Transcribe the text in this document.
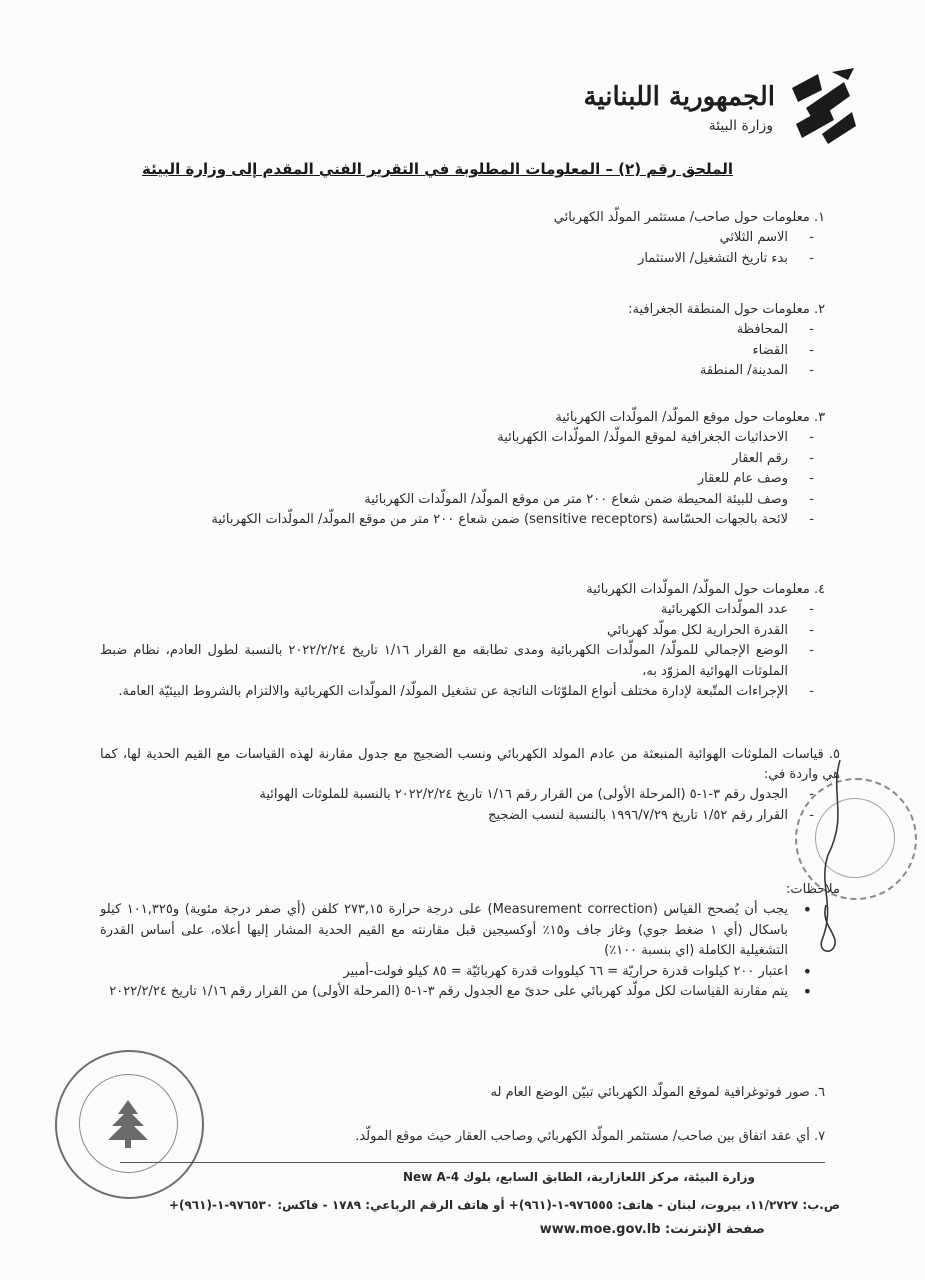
الجمهورية اللبنانية
وزارة البيئة
الملحق رقم (٢) – المعلومات المطلوبة في التقرير الفني المقدم إلى وزارة البيئة
١. معلومات حول صاحب/ مستثمر المولّد الكهربائي
- الاسم الثلاثي
- بدء تاريخ التشغيل/ الاستثمار
٢. معلومات حول المنطقة الجغرافية:
- المحافظة
- القضاء
- المدينة/ المنطقة
٣. معلومات حول موقع المولّد/ المولّدات الكهربائية
- الاحداثيات الجغرافية لموقع المولّد/ المولّدات الكهربائية
- رقم العقار
- وصف عام للعقار
- وصف للبيئة المحيطة ضمن شعاع ٢٠٠ متر من موقع المولّد/ المولّدات الكهربائية
- لائحة بالجهات الحسّاسة (sensitive receptors) ضمن شعاع ٢٠٠ متر من موقع المولّد/ المولّدات الكهربائية
٤. معلومات حول المولّد/ المولّدات الكهربائية
- عدد المولّدات الكهربائية
- القدرة الحرارية لكل مولّد كهربائي
- الوضع الإجمالي للمولّد/ المولّدات الكهربائية ومدى تطابقه مع القرار ١/١٦ تاريخ ٢٠٢٢/٢/٢٤ بالنسبة لطول العادم، نظام ضبط الملوثات الهوائية المزوّد به،
- الإجراءات المتّبعة لإدارة مختلف أنواع الملوّثات الناتجة عن تشغيل المولّد/ المولّدات الكهربائية والالتزام بالشروط البيئيّة العامة.
٥. قياسات الملوثات الهوائية المنبعثة من عادم المولد الكهربائي ونسب الضجيج مع جدول مقارنة لهذه القياسات مع القيم الحدية لها، كما هي واردة في:
- الجدول رقم ٣-١-٥ (المرحلة الأولى) من القرار رقم ١/١٦ تاريخ ٢٠٢٢/٢/٢٤ بالنسبة للملوثات الهوائية
- القرار رقم ١/٥٢ تاريخ ١٩٩٦/٧/٢٩ بالنسبة لنسب الضجيج
ملاحظات:
• يجب أن يُصحح القياس (Measurement correction) على درجة حرارة ٢٧٣,١٥ كلفن (أي صفر درجة مئوية) و١٠١,٣٢٥ كيلو باسكال (أي ١ ضغط جوي) وغاز جاف و١٥٪ أوكسيجين قبل مقارنته مع القيم الحدية المشار إليها أعلاه، على أساس القدرة التشغيلية الكاملة (اي بنسبة ١٠٠٪)
• اعتبار ٢٠٠ كيلوات قدرة حراريّة = ٦٦ كيلووات قدرة كهربائيّة = ٨٥ كيلو فولت-أمبير
• يتم مقارنة القياسات لكل مولّد كهربائي على حدىً مع الجدول رقم ٣-١-٥ (المرحلة الأولى) من القرار رقم ١/١٦ تاريخ ٢٠٢٢/٢/٢٤
٦. صور فوتوغرافية لموقع المولّد الكهربائي تبيّن الوضع العام له
٧. أي عقد اتفاق بين صاحب/ مستثمر المولّد الكهربائي وصاحب العقار حيث موقع المولّد.
وزارة البيئة، مركز اللعازارية، الطابق السابع، بلوك New A-4
ص.ب: ١١/٢٧٢٧، بيروت، لبنان - هاتف: ٩٧٦٥٥٥-١-(٩٦١)+ أو هاتف الرقم الرباعي: ١٧٨٩ - فاكس: ٩٧٦٥٣٠-١-(٩٦١)+
صفحة الإنترنت: www.moe.gov.lb
